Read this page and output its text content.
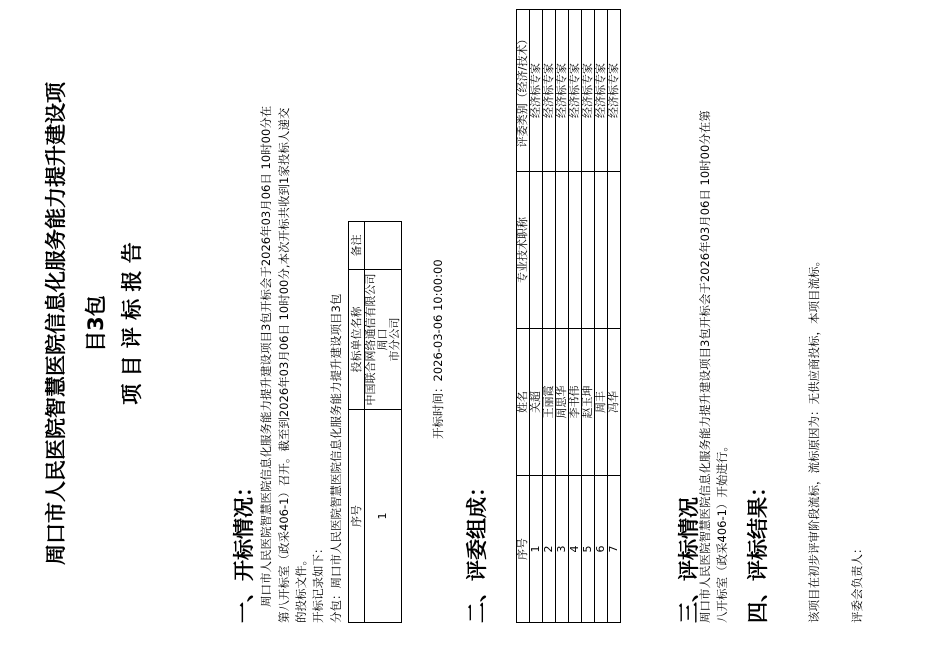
周口市人民医院智慧医院信息化服务能力提升建设项 目3包 项 目 评 标 报 告
一、开标情况： 周口市人民医院智慧医院信息化服务能力提升建设项目3包开标会于2026年03月06日 10时00分在 第八开标室（政采406-1）召开。截至到2026年03月06日 10时00分,本次开标共收到1家投标人递交 的投标文件。 开标记录如下： 分包：周口市人民医院智慧医院信息化服务能力提升建设项目3包 序号	投标单位名称	备注
1	中国联合网络通信有限公司周口 市分公司	
		开标时间：2026-03-06 10:00:00
二、评委组成： 序号	姓名	专业技术职称	评委类别（经济/技术）
1	关超		经济标专家
2	王丽霞		经济标专家
3	周思华		经济标专家
4	李书伟		经济标专家
5	赵玉坤		经济标专家
6	周丰		经济标专家
7	冯华		经济标专家
三、评标情况
周口市人民医院智慧医院信息化服务能力提升建设项目3包开标会于2026年03月06日 10时00分在第 八开标室（政采406-1）开始进行。 四、评标结果：	该项目在初步评审阶段流标，流标原因为：无供应商投标，本项目流标。	评委会负责人：
